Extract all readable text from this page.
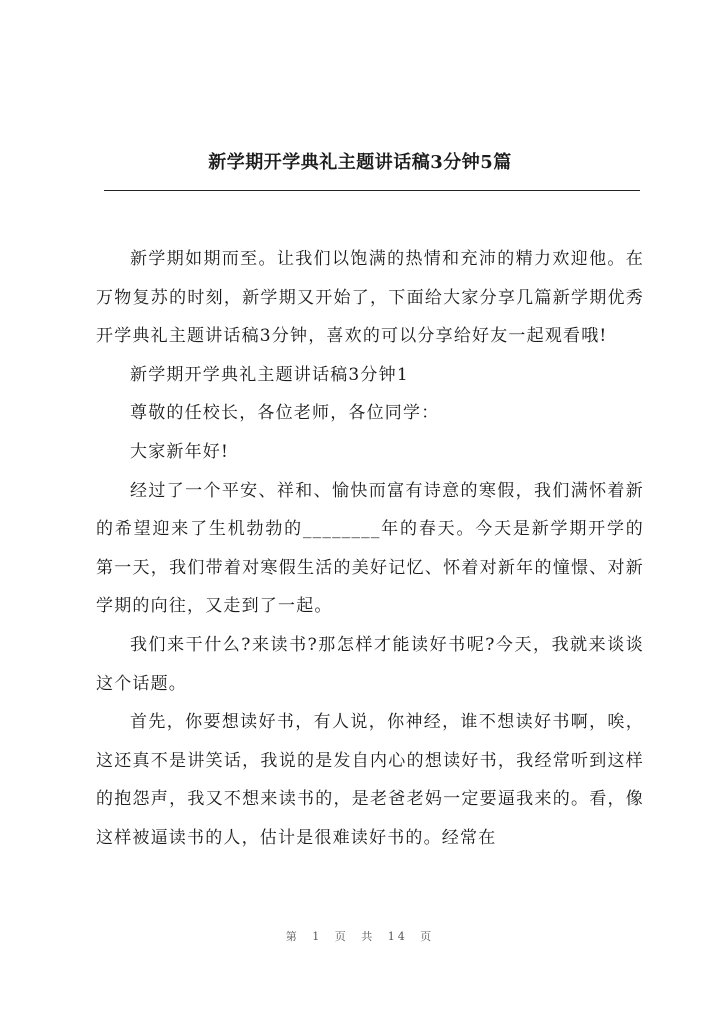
新学期开学典礼主题讲话稿3分钟5篇

新学期如期而至。让我们以饱满的热情和充沛的精力欢迎他。在万物复苏的时刻，新学期又开始了，下面给大家分享几篇新学期优秀开学典礼主题讲话稿3分钟，喜欢的可以分享给好友一起观看哦!

新学期开学典礼主题讲话稿3分钟1

尊敬的任校长，各位老师，各位同学：

大家新年好!

经过了一个平安、祥和、愉快而富有诗意的寒假，我们满怀着新的希望迎来了生机勃勃的________年的春天。今天是新学期开学的第一天，我们带着对寒假生活的美好记忆、怀着对新年的憧憬、对新学期的向往，又走到了一起。

我们来干什么?来读书?那怎样才能读好书呢?今天，我就来谈谈这个话题。

首先，你要想读好书，有人说，你神经，谁不想读好书啊，唉，这还真不是讲笑话，我说的是发自内心的想读好书，我经常听到这样的抱怨声，我又不想来读书的，是老爸老妈一定要逼我来的。看，像这样被逼读书的人，估计是很难读好书的。经常在

第 1 页 共 14 页
